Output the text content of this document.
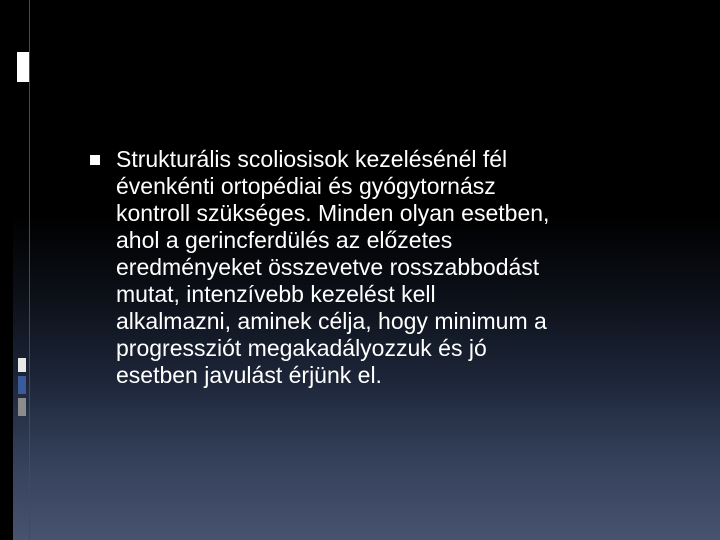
Strukturális scoliosisok kezelésénél fél
évenkénti ortopédiai és gyógytornász
kontroll szükséges. Minden olyan esetben,
ahol a gerincferdülés az előzetes
eredményeket összevetve rosszabbodást
mutat, intenzívebb kezelést kell
alkalmazni, aminek célja, hogy minimum a
progressziót megakadályozzuk és jó
esetben javulást érjünk el.
